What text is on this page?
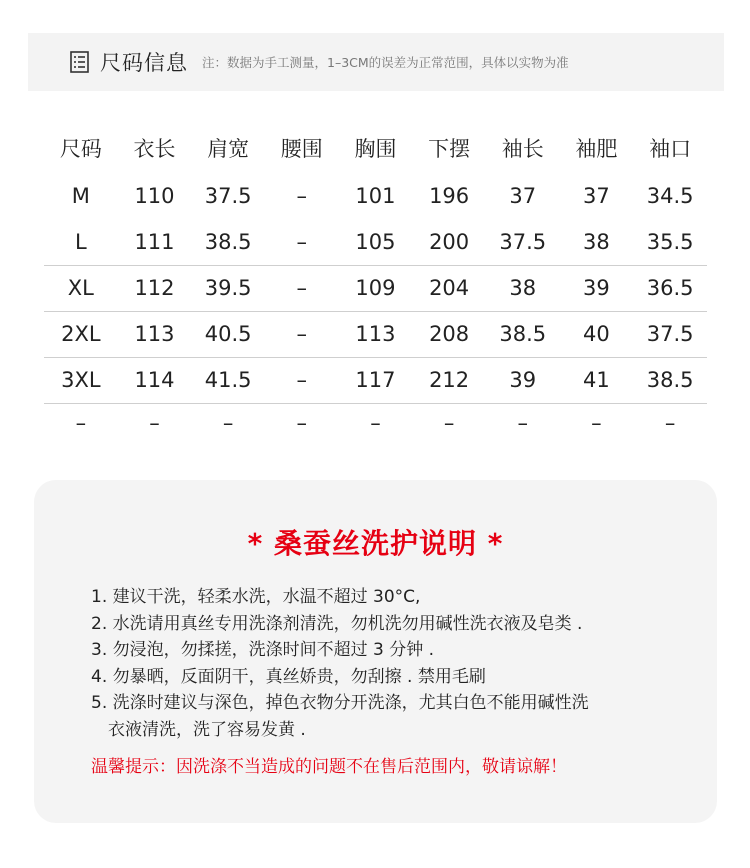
尺码信息 注：数据为手工测量，1–3CM的误差为正常范围，具体以实物为准
尺码	衣长	肩宽	腰围	胸围	下摆	袖长	袖肥	袖口
M	110	37.5	–	101	196	37	37	34.5
L	111	38.5	–	105	200	37.5	38	35.5
XL	112	39.5	–	109	204	38	39	36.5
2XL	113	40.5	–	113	208	38.5	40	37.5
3XL	114	41.5	–	117	212	39	41	38.5
–	–	–	–	–	–	–	–	–
* 桑蚕丝洗护说明 *
1. 建议干洗，轻柔水洗，水温不超过 30°C,
2. 水洗请用真丝专用洗涤剂清洗，勿机洗勿用碱性洗衣液及皂类 .
3. 勿浸泡，勿揉搓，洗涤时间不超过 3 分钟 .
4. 勿暴晒，反面阴干，真丝娇贵，勿刮擦 . 禁用毛刷
5. 洗涤时建议与深色，掉色衣物分开洗涤，尤其白色不能用碱性洗
衣液清洗，洗了容易发黄 .
温馨提示：因洗涤不当造成的问题不在售后范围内，敬请谅解！
